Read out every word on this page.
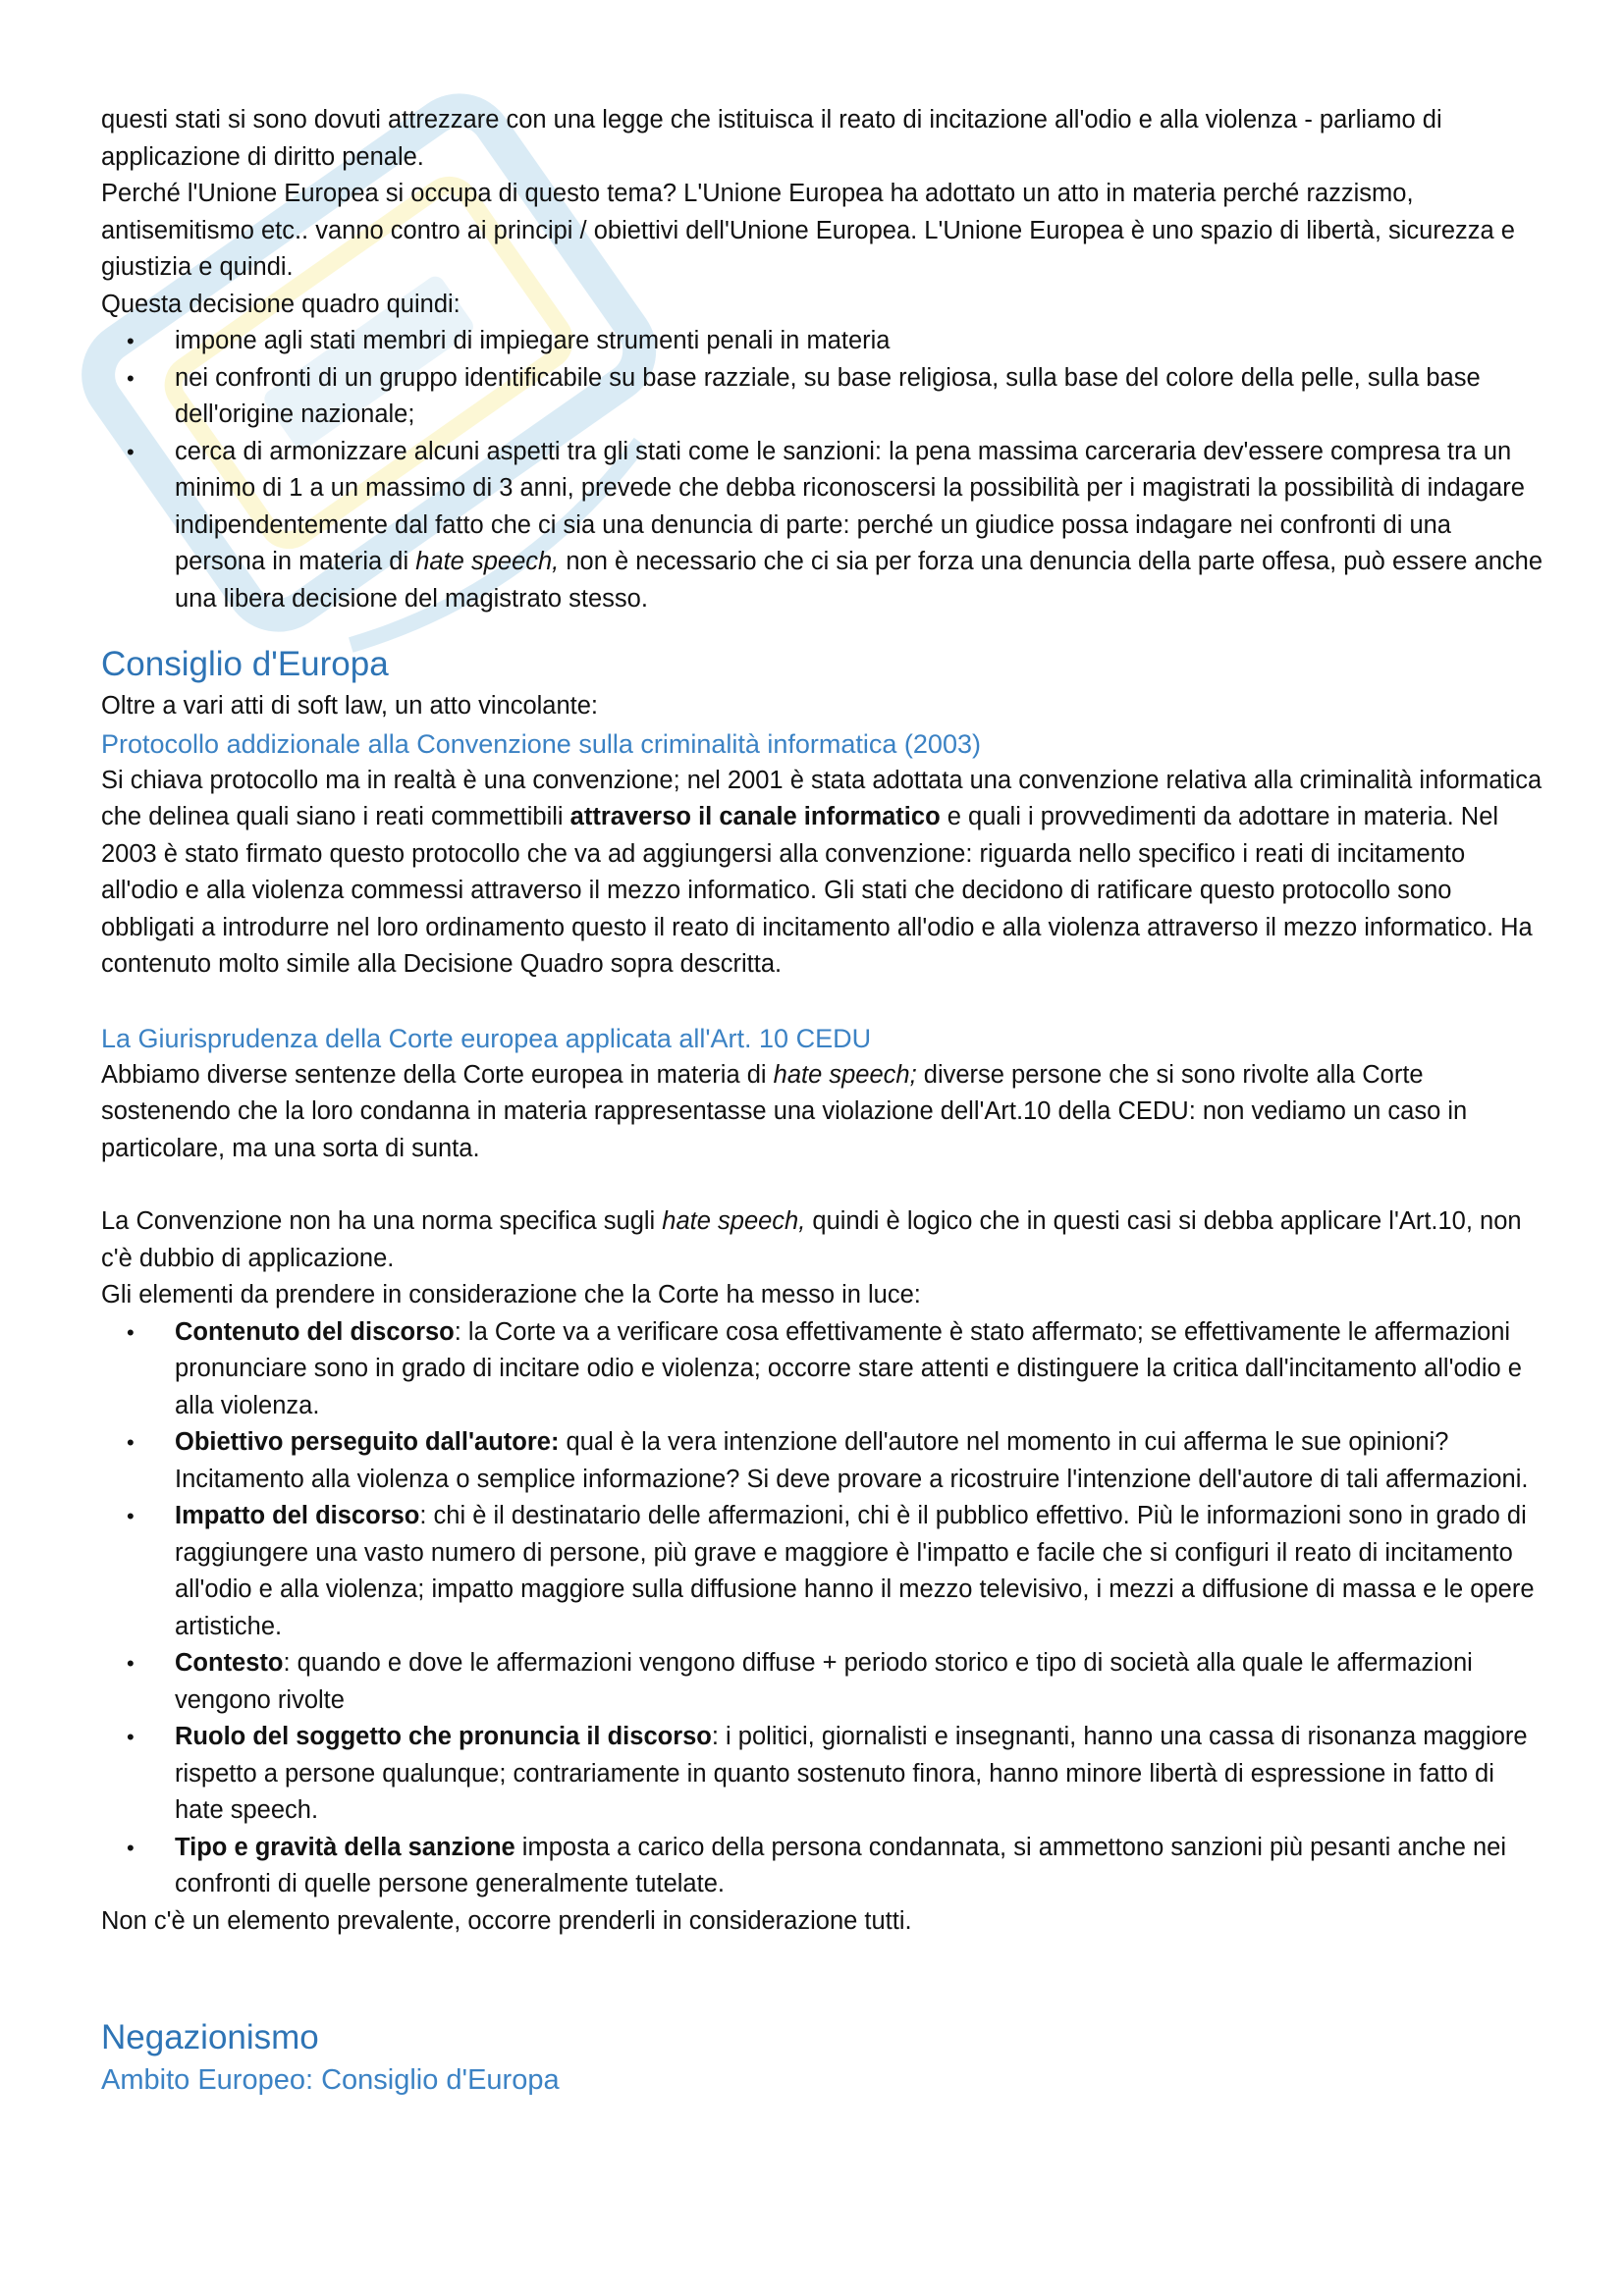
questi stati si sono dovuti attrezzare con una legge che istituisca il reato di incitazione all'odio e alla violenza - parliamo di applicazione di diritto penale.

Perché l'Unione Europea si occupa di questo tema? L'Unione Europea ha adottato un atto in materia perché razzismo, antisemitismo etc.. vanno contro ai principi / obiettivi dell'Unione Europea. L'Unione Europea è uno spazio di libertà, sicurezza e giustizia e quindi.

Questa decisione quadro quindi:

• impone agli stati membri di impiegare strumenti penali in materia
• nei confronti di un gruppo identificabile su base razziale, su base religiosa, sulla base del colore della pelle, sulla base dell'origine nazionale;
• cerca di armonizzare alcuni aspetti tra gli stati come le sanzioni: la pena massima carceraria dev'essere compresa tra un minimo di 1 a un massimo di 3 anni, prevede che debba riconoscersi la possibilità per i magistrati la possibilità di indagare indipendentemente dal fatto che ci sia una denuncia di parte: perché un giudice possa indagare nei confronti di una persona in materia di hate speech, non è necessario che ci sia per forza una denuncia della parte offesa, può essere anche una libera decisione del magistrato stesso.
Consiglio d'Europa

Oltre a vari atti di soft law, un atto vincolante:

Protocollo addizionale alla Convenzione sulla criminalità informatica (2003)

Si chiava protocollo ma in realtà è una convenzione; nel 2001 è stata adottata una convenzione relativa alla criminalità informatica che delinea quali siano i reati commettibili attraverso il canale informatico e quali i provvedimenti da adottare in materia. Nel 2003 è stato firmato questo protocollo che va ad aggiungersi alla convenzione: riguarda nello specifico i reati di incitamento all'odio e alla violenza commessi attraverso il mezzo informatico. Gli stati che decidono di ratificare questo protocollo sono obbligati a introdurre nel loro ordinamento questo il reato di incitamento all'odio e alla violenza attraverso il mezzo informatico. Ha contenuto molto simile alla Decisione Quadro sopra descritta.

La Giurisprudenza della Corte europea applicata all'Art. 10 CEDU

Abbiamo diverse sentenze della Corte europea in materia di hate speech; diverse persone che si sono rivolte alla Corte sostenendo che la loro condanna in materia rappresentasse una violazione dell'Art.10 della CEDU: non vediamo un caso in particolare, ma una sorta di sunta.

La Convenzione non ha una norma specifica sugli hate speech, quindi è logico che in questi casi si debba applicare l'Art.10, non c'è dubbio di applicazione.

Gli elementi da prendere in considerazione che la Corte ha messo in luce:

• Contenuto del discorso: la Corte va a verificare cosa effettivamente è stato affermato; se effettivamente le affermazioni pronunciare sono in grado di incitare odio e violenza; occorre stare attenti e distinguere la critica dall'incitamento all'odio e alla violenza.
• Obiettivo perseguito dall'autore: qual è la vera intenzione dell'autore nel momento in cui afferma le sue opinioni? Incitamento alla violenza o semplice informazione? Si deve provare a ricostruire l'intenzione dell'autore di tali affermazioni.
• Impatto del discorso: chi è il destinatario delle affermazioni, chi è il pubblico effettivo. Più le informazioni sono in grado di raggiungere una vasto numero di persone, più grave e maggiore è l'impatto e facile che si configuri il reato di incitamento all'odio e alla violenza; impatto maggiore sulla diffusione hanno il mezzo televisivo, i mezzi a diffusione di massa e le opere artistiche.
• Contesto: quando e dove le affermazioni vengono diffuse + periodo storico e tipo di società alla quale le affermazioni vengono rivolte
• Ruolo del soggetto che pronuncia il discorso: i politici, giornalisti e insegnanti, hanno una cassa di risonanza maggiore rispetto a persone qualunque; contrariamente in quanto sostenuto finora, hanno minore libertà di espressione in fatto di hate speech.
• Tipo e gravità della sanzione imposta a carico della persona condannata, si ammettono sanzioni più pesanti anche nei confronti di quelle persone generalmente tutelate.

Non c'è un elemento prevalente, occorre prenderli in considerazione tutti.

Negazionismo
Ambito Europeo: Consiglio d'Europa
